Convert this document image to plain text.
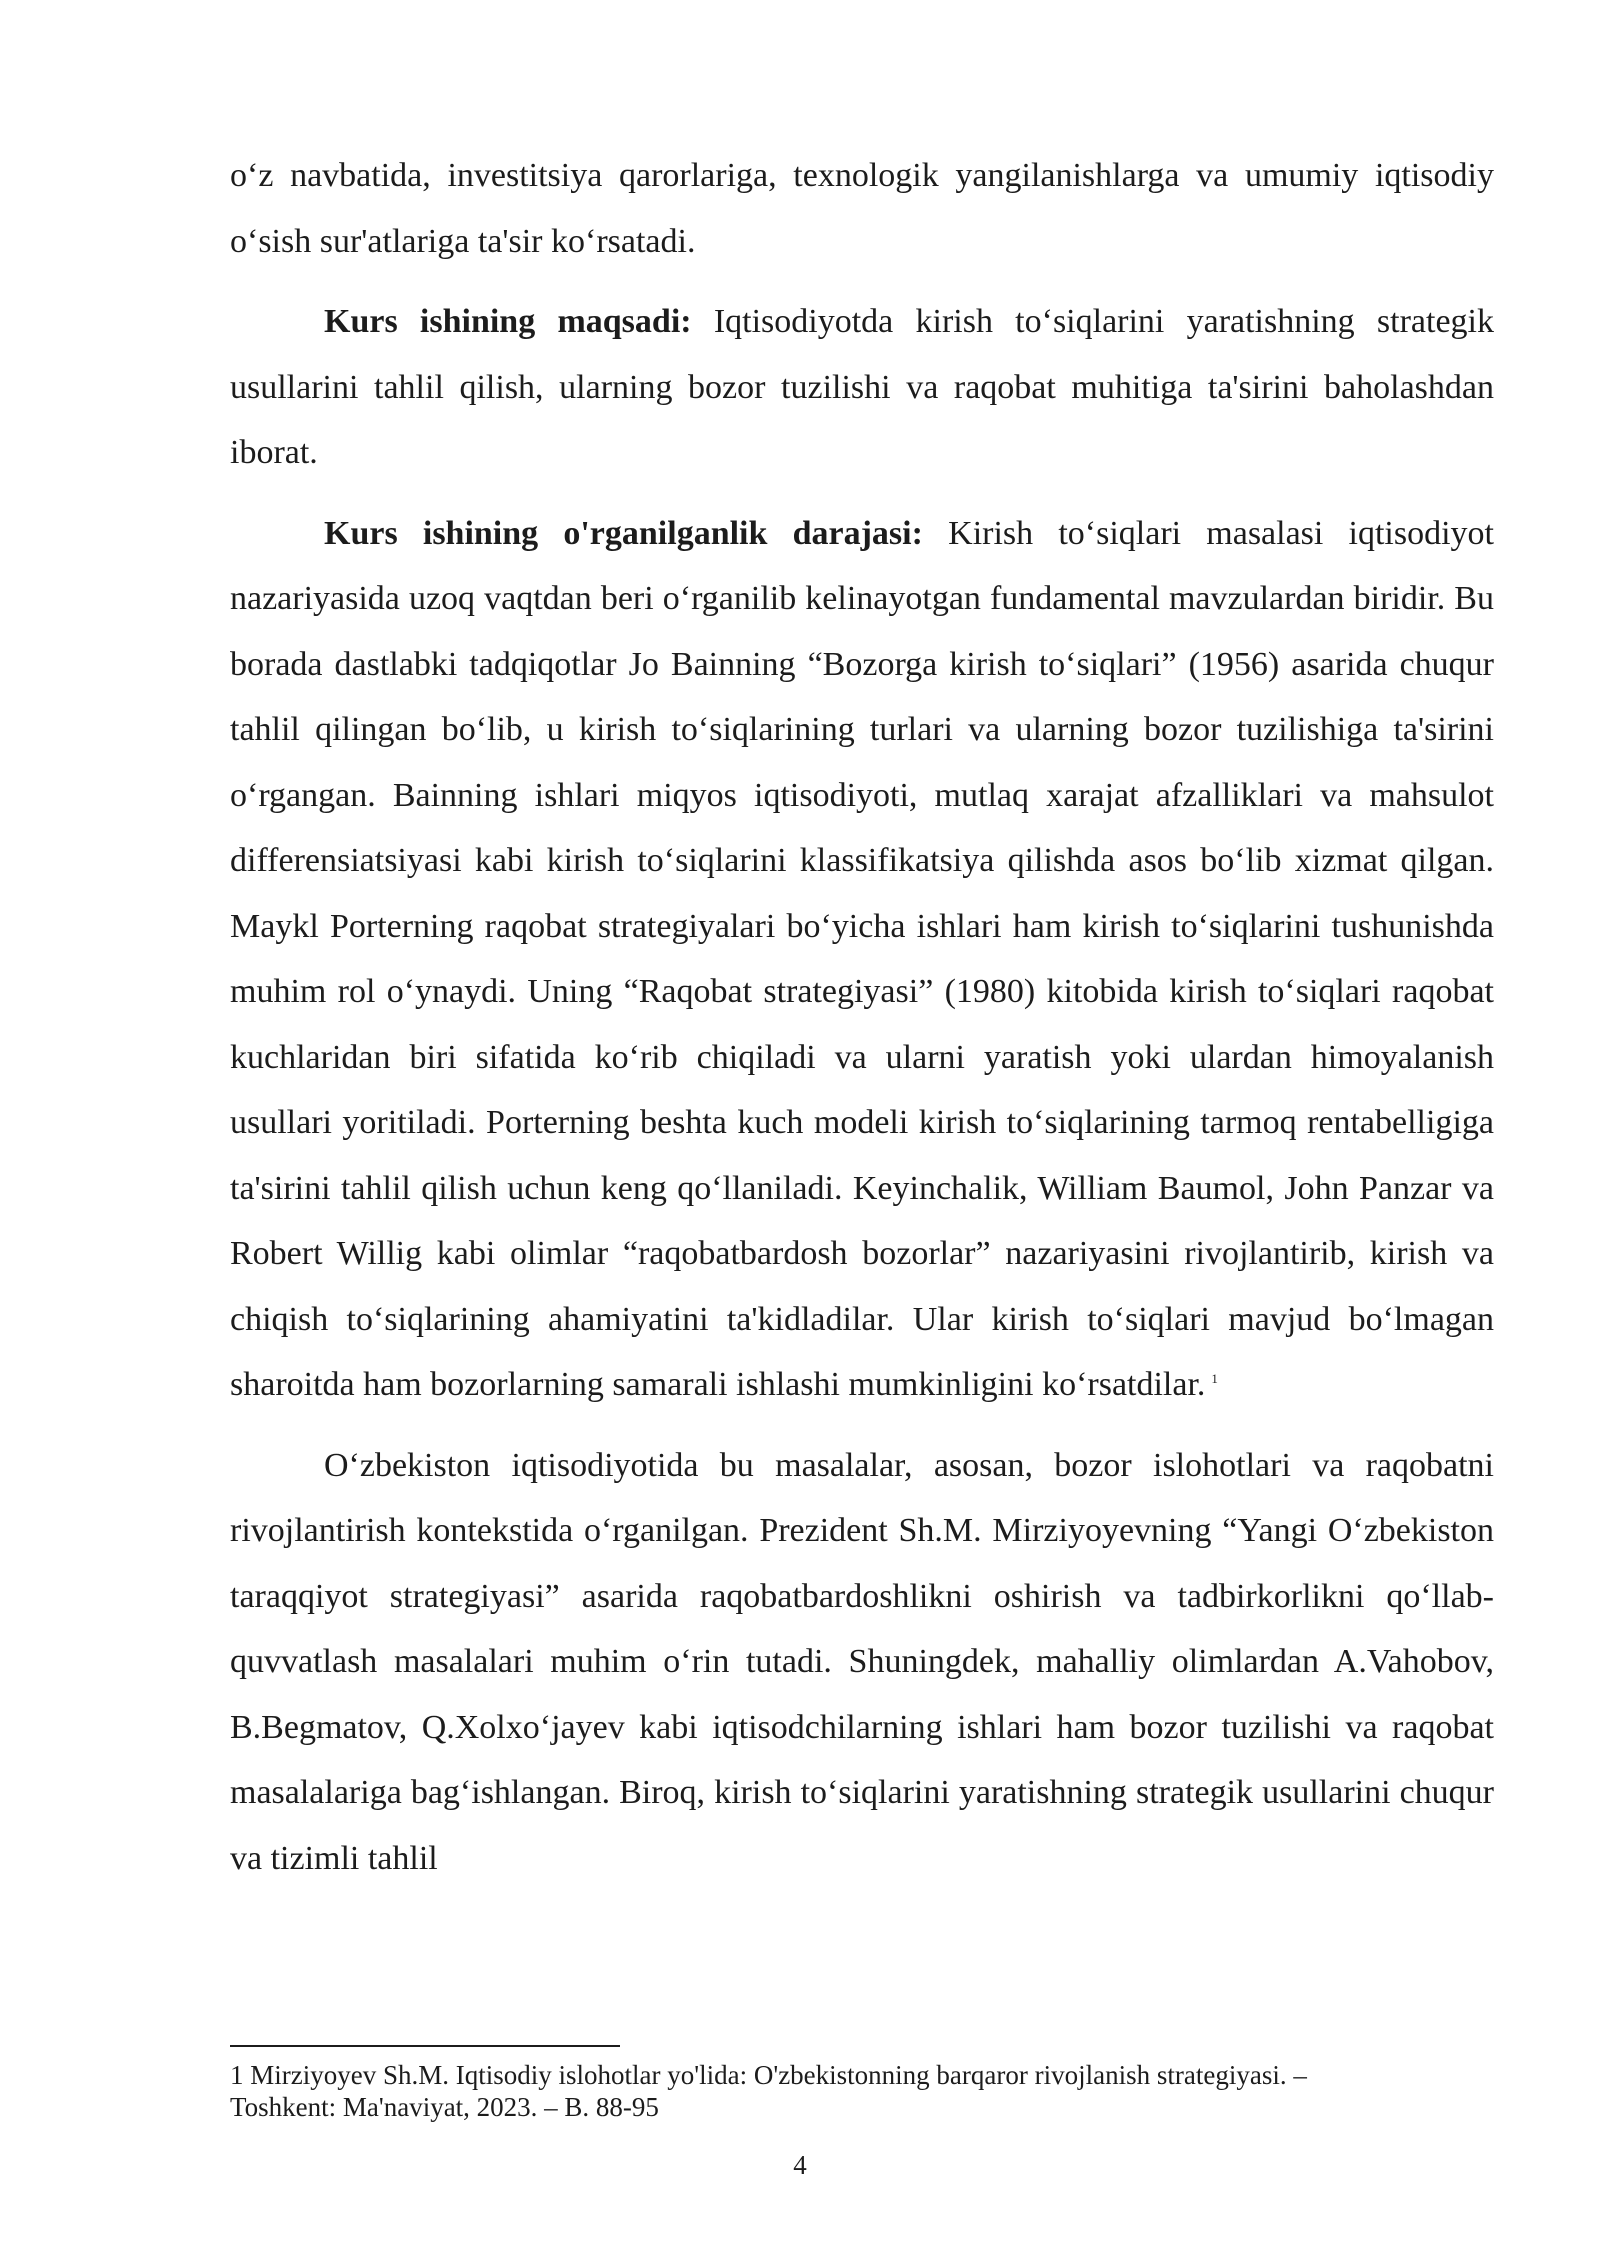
o‘z navbatida, investitsiya qarorlariga, texnologik yangilanishlarga va umumiy iqtisodiy o‘sish sur'atlariga ta'sir ko‘rsatadi.

Kurs ishining maqsadi: Iqtisodiyotda kirish to‘siqlarini yaratishning strategik usullarini tahlil qilish, ularning bozor tuzilishi va raqobat muhitiga ta'sirini baholashdan iborat.

Kurs ishining o'rganilganlik darajasi: Kirish to‘siqlari masalasi iqtisodiyot nazariyasida uzoq vaqtdan beri o‘rganilib kelinayotgan fundamental mavzulardan biridir. Bu borada dastlabki tadqiqotlar Jo Bainning “Bozorga kirish to‘siqlari” (1956) asarida chuqur tahlil qilingan bo‘lib, u kirish to‘siqlarining turlari va ularning bozor tuzilishiga ta'sirini o‘rgangan. Bainning ishlari miqyos iqtisodiyoti, mutlaq xarajat afzalliklari va mahsulot differensiatsiyasi kabi kirish to‘siqlarini klassifikatsiya qilishda asos bo‘lib xizmat qilgan. Maykl Porterning raqobat strategiyalari bo‘yicha ishlari ham kirish to‘siqlarini tushunishda muhim rol o‘ynaydi. Uning “Raqobat strategiyasi” (1980) kitobida kirish to‘siqlari raqobat kuchlaridan biri sifatida ko‘rib chiqiladi va ularni yaratish yoki ulardan himoyalanish usullari yoritiladi. Porterning beshta kuch modeli kirish to‘siqlarining tarmoq rentabelligiga ta'sirini tahlil qilish uchun keng qo‘llaniladi. Keyinchalik, William Baumol, John Panzar va Robert Willig kabi olimlar “raqobatbardosh bozorlar” nazariyasini rivojlantirib, kirish va chiqish to‘siqlarining ahamiyatini ta'kidladilar. Ular kirish to‘siqlari mavjud bo‘lmagan sharoitda ham bozorlarning samarali ishlashi mumkinligini ko‘rsatdilar. $^1$

O‘zbekiston iqtisodiyotida bu masalalar, asosan, bozor islohotlari va raqobatni rivojlantirish kontekstida o‘rganilgan. Prezident Sh.M. Mirziyoyevning “Yangi O‘zbekiston taraqqiyot strategiyasi” asarida raqobatbardoshlikni oshirish va tadbirkorlikni qo‘llab-quvvatlash masalalari muhim o‘rin tutadi. Shuningdek, mahalliy olimlardan A.Vahobov, B.Begmatov, Q.Xolxo‘jayev kabi iqtisodchilarning ishlari ham bozor tuzilishi va raqobat masalalariga bag‘ishlangan. Biroq, kirish to‘siqlarini yaratishning strategik usullarini chuqur va tizimli tahlil

1 Mirziyoyev Sh.M. Iqtisodiy islohotlar yo'lida: O'zbekistonning barqaror rivojlanish strategiyasi. –
Toshkent: Ma'naviyat, 2023. – B. 88-95
4
